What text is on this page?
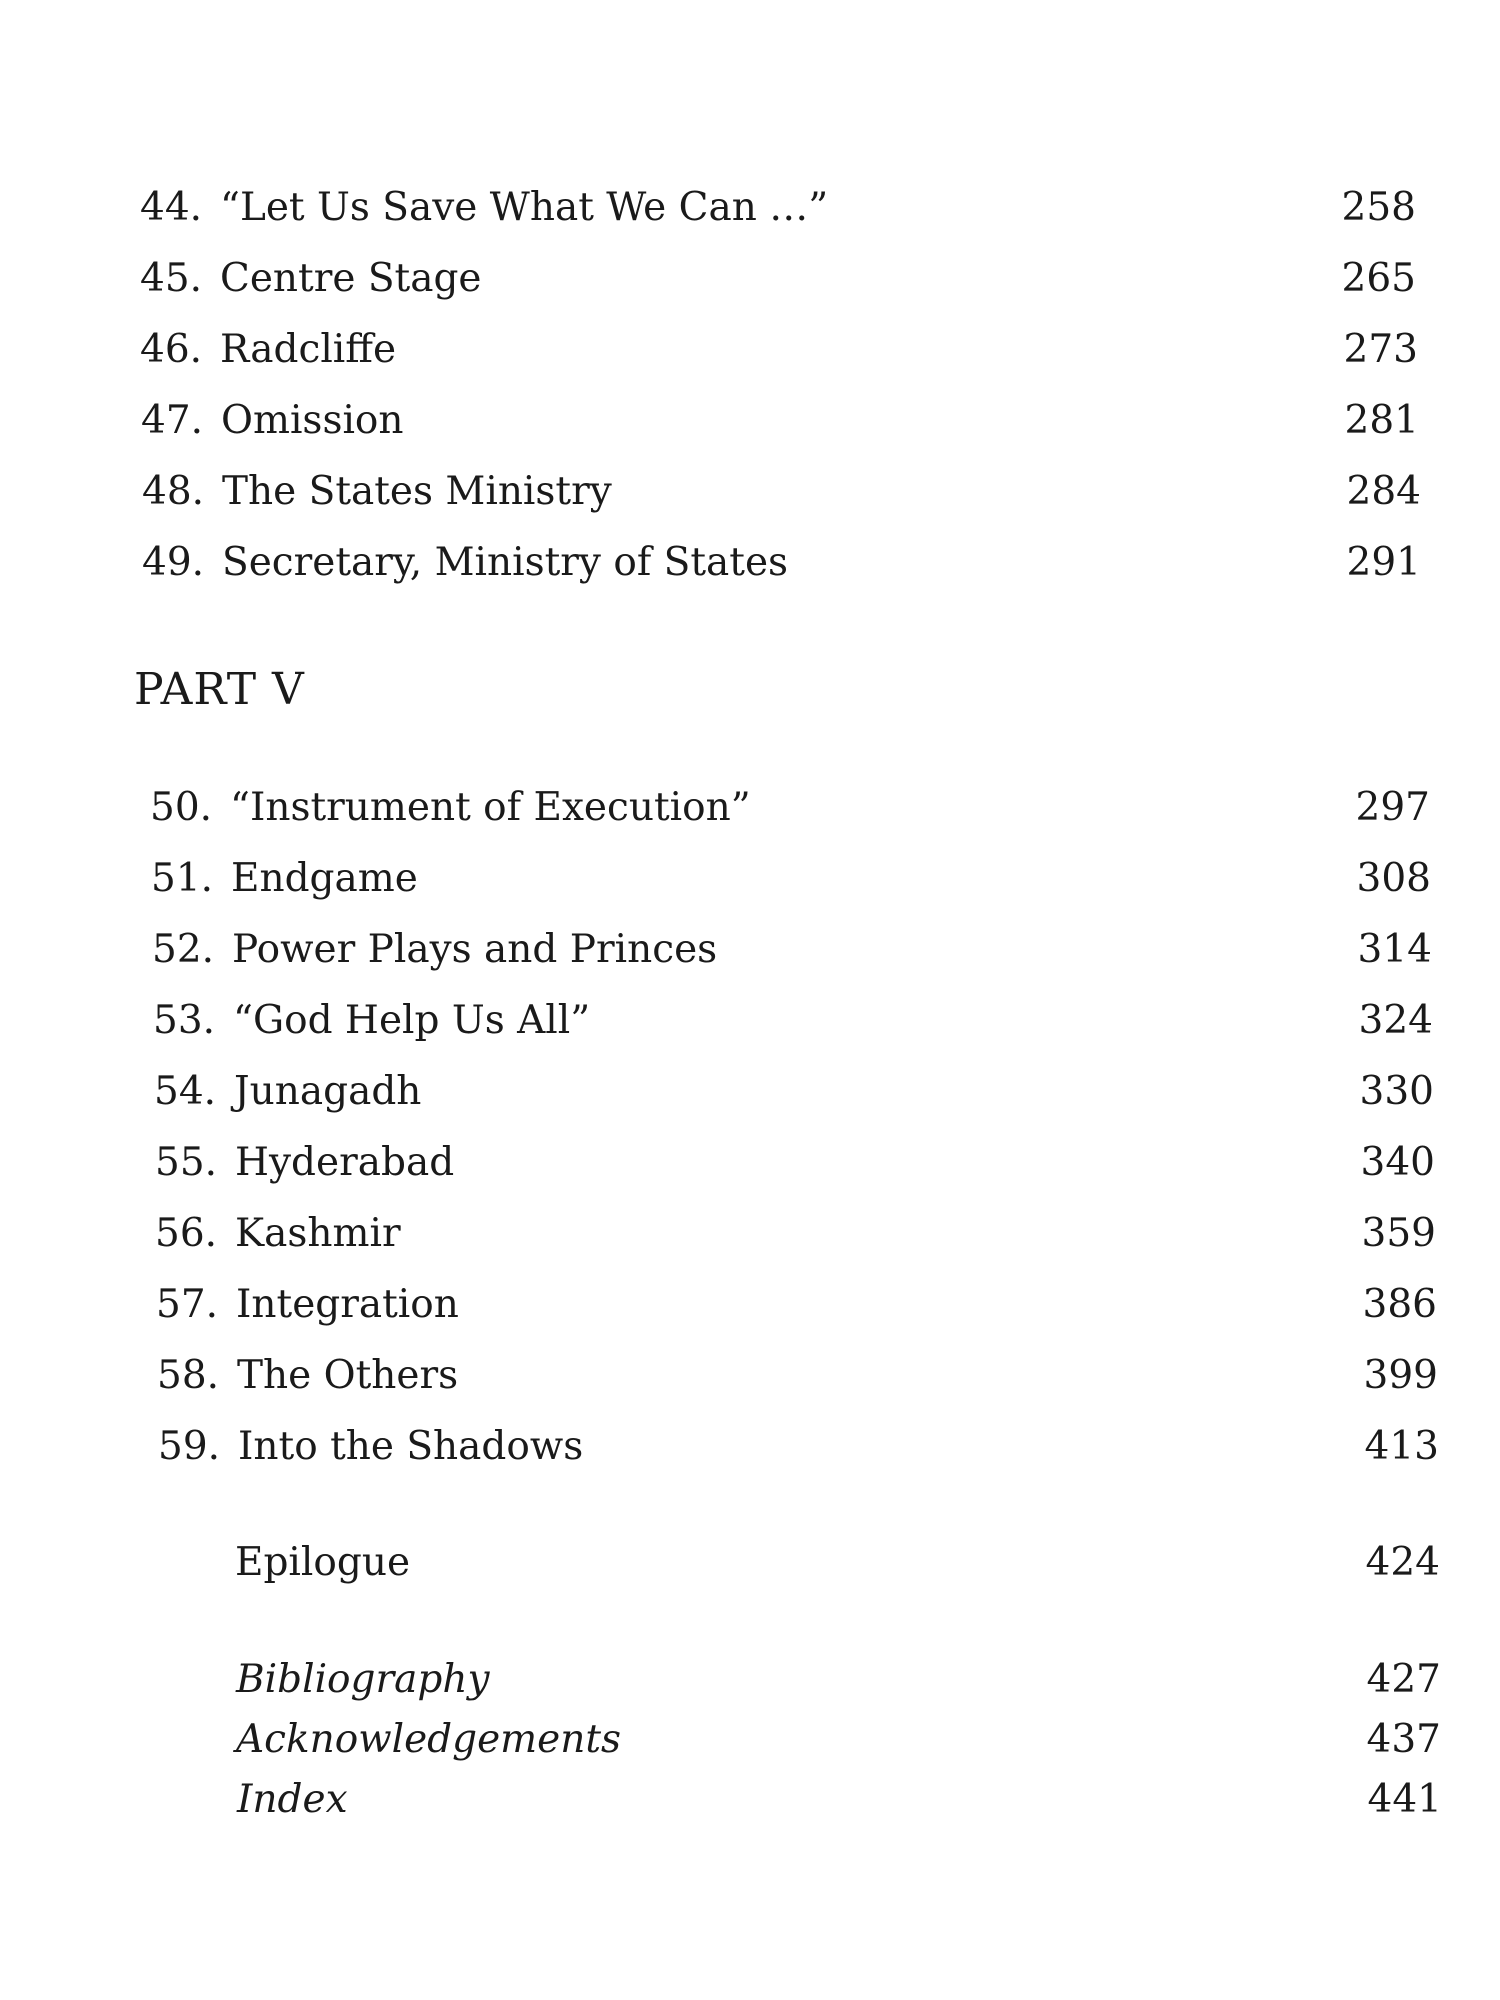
44. “Let Us Save What We Can …”	258
45. Centre Stage	265
46. Radcliffe	273
47. Omission	281
48. The States Ministry	284
49. Secretary, Ministry of States	291
PART V
50. “Instrument of Execution”	297
51. Endgame	308
52. Power Plays and Princes	314
53. “God Help Us All”	324
54. Junagadh	330
55. Hyderabad	340
56. Kashmir	359
57. Integration	386
58. The Others	399
59. Into the Shadows	413
Epilogue	424
Bibliography	427
Acknowledgements	437
Index	441
